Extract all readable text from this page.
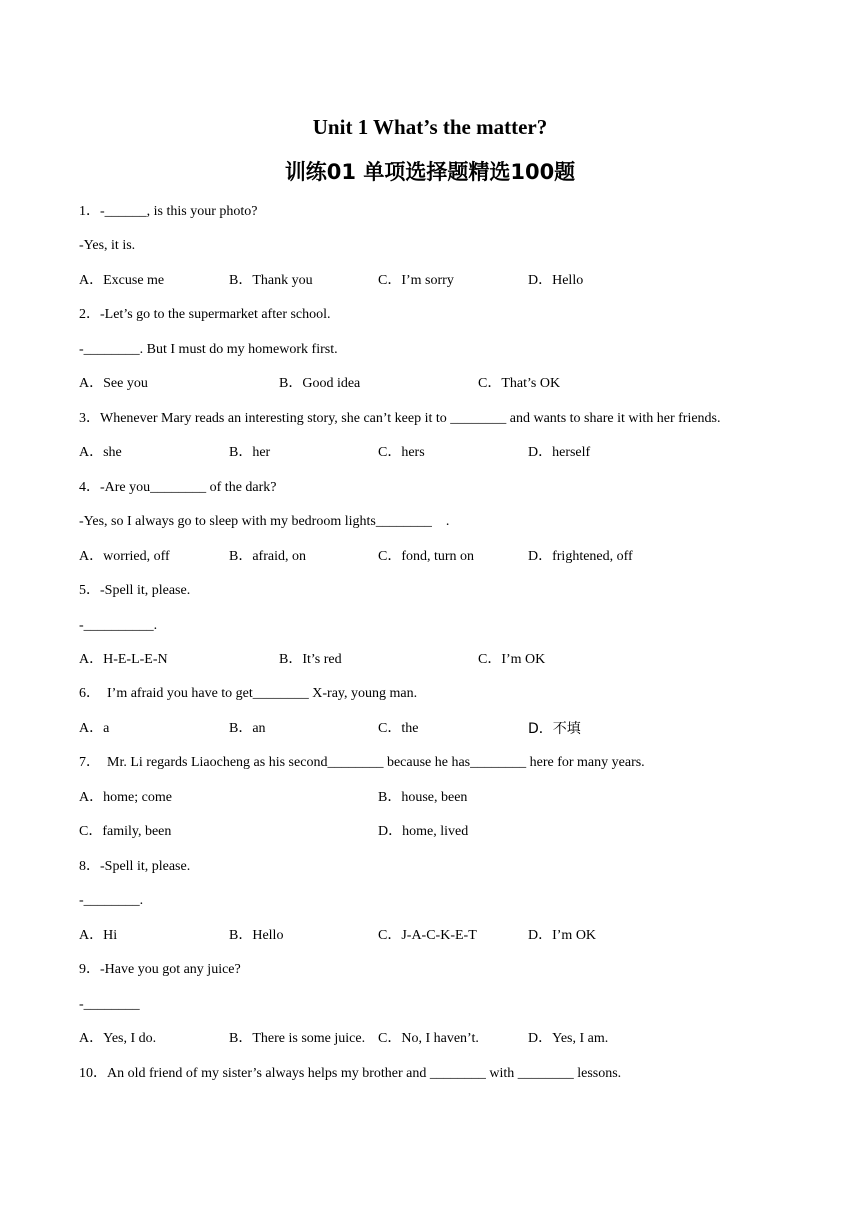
Unit 1 What’s the matter?
训练01 单项选择题精选100题
1．-______, is this your photo?
-Yes, it is.
A．Excuse me	B．Thank you	C．I’m sorry	D．Hello
2．-Let’s go to the supermarket after school.
-________. But I must do my homework first.
A．See you	B．Good idea	C．That’s OK
3．Whenever Mary reads an interesting story, she can’t keep it to ________ and wants to share it with her friends.
A．she	B．her	C．hers	D．herself
4．-Are you________ of the dark?
-Yes, so I always go to sleep with my bedroom lights________    .
A．worried, off	B．afraid, on	C．fond, turn on	D．frightened, off
5．-Spell it, please.
-__________.
A．H-E-L-E-N	B．It’s red	C．I’m OK
6．  I’m afraid you have to get________ X-ray, young man.
A．a	B．an	C．the	D．不填
7．  Mr. Li regards Liaocheng as his second________ because he has________ here for many years.
A．home; come	B．house, been
C．family, been	D．home, lived
8．-Spell it, please.
-________.
A．Hi	B．Hello	C．J-A-C-K-E-T	D．I’m OK
9．-Have you got any juice?
-________
A．Yes, I do.	B．There is some juice. C．No, I haven’t.	D．Yes, I am.
10．An old friend of my sister’s always helps my brother and ________ with ________ lessons.
